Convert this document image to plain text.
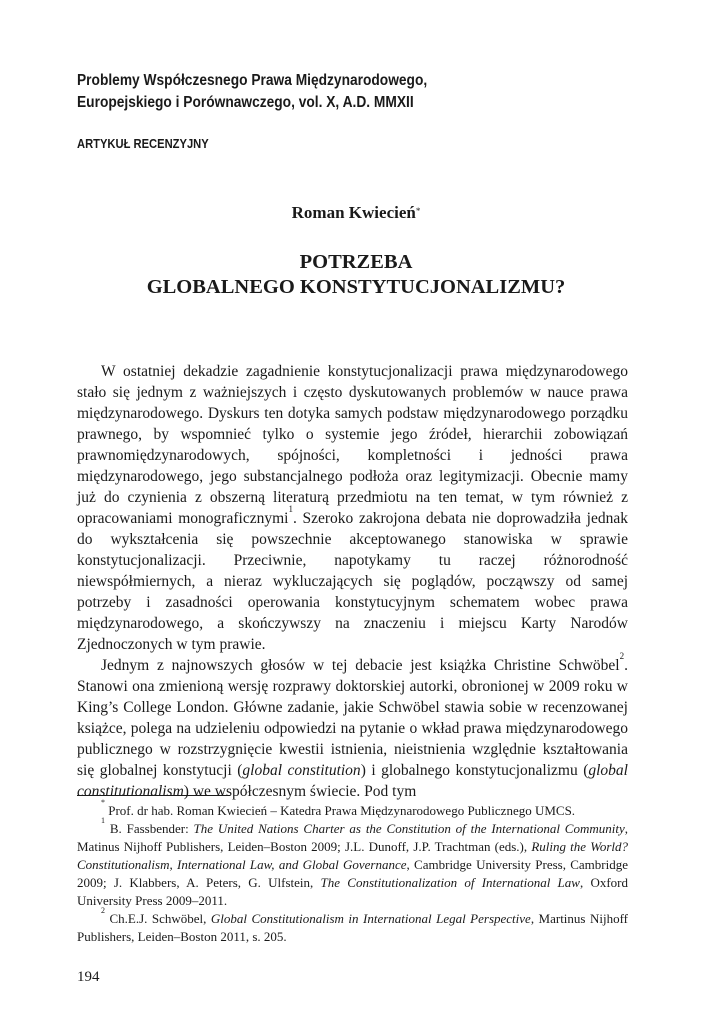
Problemy Współczesnego Prawa Międzynarodowego,
Europejskiego i Porównawczego, vol. X, A.D. MMXII
ARTYKUŁ RECENZYJNY
Roman Kwiecień*
POTRZEBA
GLOBALNEGO KONSTYTUCJONALIZMU?

W ostatniej dekadzie zagadnienie konstytucjonalizacji prawa międzynarodowego stało się jednym z ważniejszych i często dyskutowanych problemów w nauce prawa międzynarodowego. Dyskurs ten dotyka samych podstaw międzynarodowego porządku prawnego, by wspomnieć tylko o systemie jego źródeł, hierarchii zobowiązań prawnomiędzynarodowych, spójności, kompletności i jedności prawa międzynarodowego, jego substancjalnego podłoża oraz legitymizacji. Obecnie mamy już do czynienia z obszerną literaturą przedmiotu na ten temat, w tym również z opracowaniami monograficznymi$^1$. Szeroko zakrojona debata nie doprowadziła jednak do wykształcenia się powszechnie akceptowanego stanowiska w sprawie konstytucjonalizacji. Przeciwnie, napotykamy tu raczej różnorodność niewspółmiernych, a nieraz wykluczających się poglądów, począwszy od samej potrzeby i zasadności operowania konstytucyjnym schematem wobec prawa międzynarodowego, a skończywszy na znaczeniu i miejscu Karty Narodów Zjednoczonych w tym prawie.

Jednym z najnowszych głosów w tej debacie jest książka Christine Schwöbel$^2$. Stanowi ona zmienioną wersję rozprawy doktorskiej autorki, obronionej w 2009 roku w King’s College London. Główne zadanie, jakie Schwöbel stawia sobie w recenzowanej książce, polega na udzieleniu odpowiedzi na pytanie o wkład prawa międzynarodowego publicznego w rozstrzygnięcie kwestii istnienia, nieistnienia względnie kształtowania się globalnej konstytucji (global constitution) i globalnego konstytucjonalizmu (global constitutionalism) we współczesnym świecie. Pod tym

* Prof. dr hab. Roman Kwiecień – Katedra Prawa Międzynarodowego Publicznego UMCS.

$^1$ B. Fassbender: The United Nations Charter as the Constitution of the International Community, Matinus Nijhoff Publishers, Leiden–Boston 2009; J.L. Dunoff, J.P. Trachtman (eds.), Ruling the World? Constitutionalism, International Law, and Global Governance, Cambridge University Press, Cambridge 2009; J. Klabbers, A. Peters, G. Ulfstein, The Constitutionalization of International Law, Oxford University Press 2009–2011.

$^2$ Ch.E.J. Schwöbel, Global Constitutionalism in International Legal Perspective, Martinus Nijhoff Publishers, Leiden–Boston 2011, s. 205.

194
